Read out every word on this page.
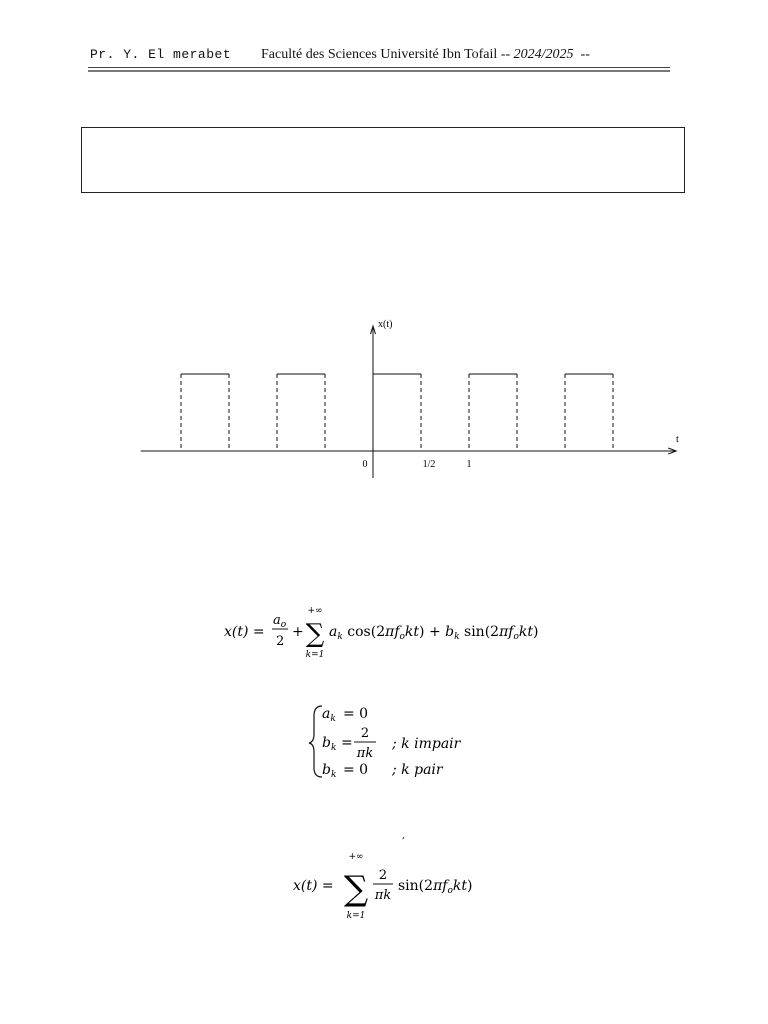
Pr. Y. El merabet Faculté des Sciences Université Ibn Tofail -- 2024/2025 --
x(t)
t
0	1/2	1
x(t) =
$a_o$
2
+
+∞
∑
k=1
$a_k$ $\cos(2\pi f_okt) + b_k$ $\sin(2\pi f_okt)$
$a_k = 0$
$b_k$ =
2
πk
; k impair
$b_k = 0$ ; k pair
,
x(t) =
+∞
∑
k=1
2
πk
$\sin(2\pi f_okt)$
